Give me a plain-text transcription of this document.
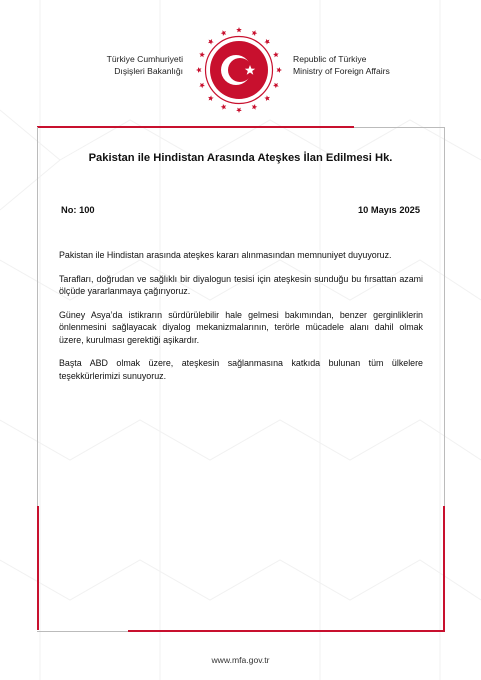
Türkiye Cumhuriyeti
Dışişleri Bakanlığı
Republic of Türkiye
Ministry of Foreign Affairs
Pakistan ile Hindistan Arasında Ateşkes İlan Edilmesi Hk.
No: 100	10 Mayıs 2025

Pakistan ile Hindistan arasında ateşkes kararı alınmasından memnuniyet duyuyoruz.

Tarafları, doğrudan ve sağlıklı bir diyalogun tesisi için ateşkesin sunduğu bu fırsattan azami ölçüde yararlanmaya çağırıyoruz.

Güney Asya’da istikrarın sürdürülebilir hale gelmesi bakımından, benzer gerginliklerin önlenmesini sağlayacak diyalog mekanizmalarının, terörle mücadele alanı dahil olmak üzere, kurulması gerektiği aşikardır.

Başta ABD olmak üzere, ateşkesin sağlanmasına katkıda bulunan tüm ülkelere teşekkürlerimizi sunuyoruz.

www.mfa.gov.tr
